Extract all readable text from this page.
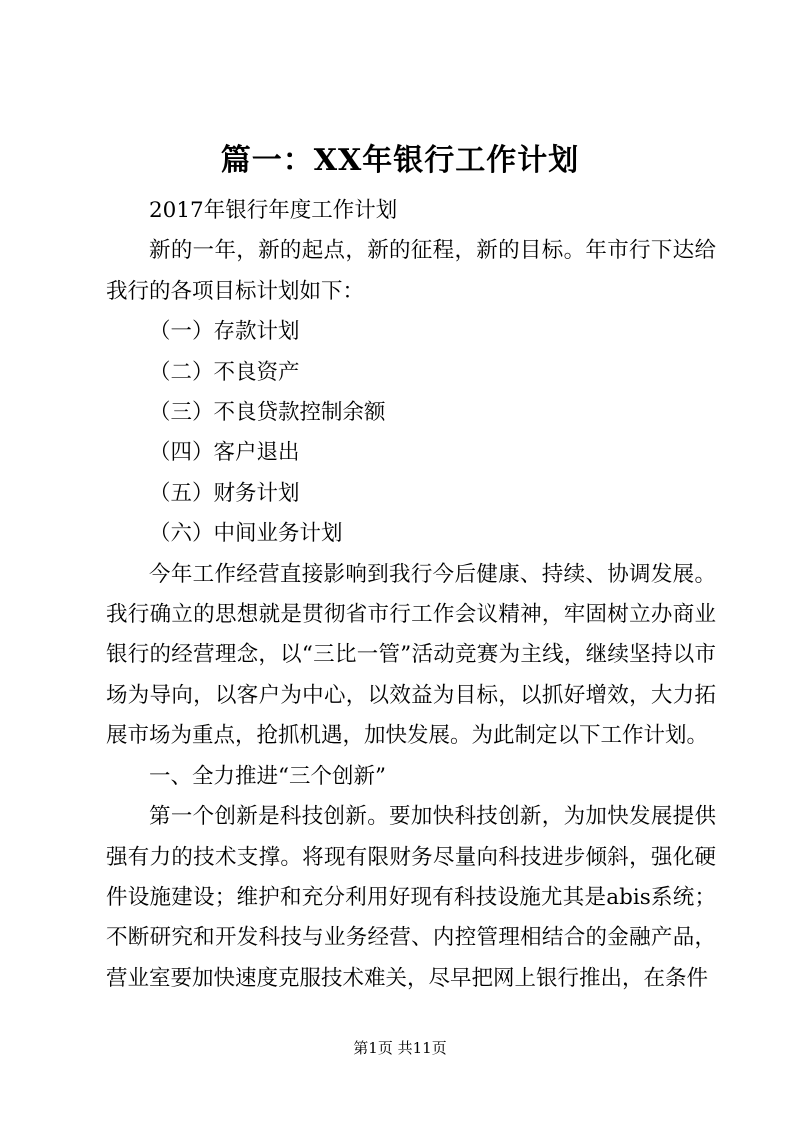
篇一：XX年银行工作计划

2017年银行年度工作计划

新的一年，新的起点，新的征程，新的目标。年市行下达给我行的各项目标计划如下：

（一）存款计划

（二）不良资产

（三）不良贷款控制余额

（四）客户退出

（五）财务计划

（六）中间业务计划

今年工作经营直接影响到我行今后健康、持续、协调发展。我行确立的思想就是贯彻省市行工作会议精神，牢固树立办商业银行的经营理念，以“三比一管”活动竞赛为主线，继续坚持以市场为导向，以客户为中心，以效益为目标，以抓好增效，大力拓展市场为重点，抢抓机遇，加快发展。为此制定以下工作计划。

一、全力推进“三个创新”

第一个创新是科技创新。要加快科技创新，为加快发展提供强有力的技术支撑。将现有限财务尽量向科技进步倾斜，强化硬件设施建设；维护和充分利用好现有科技设施尤其是abis系统；不断研究和开发科技与业务经营、内控管理相结合的金融产品，营业室要加快速度克服技术难关，尽早把网上银行推出，在条件

第1页 共11页
